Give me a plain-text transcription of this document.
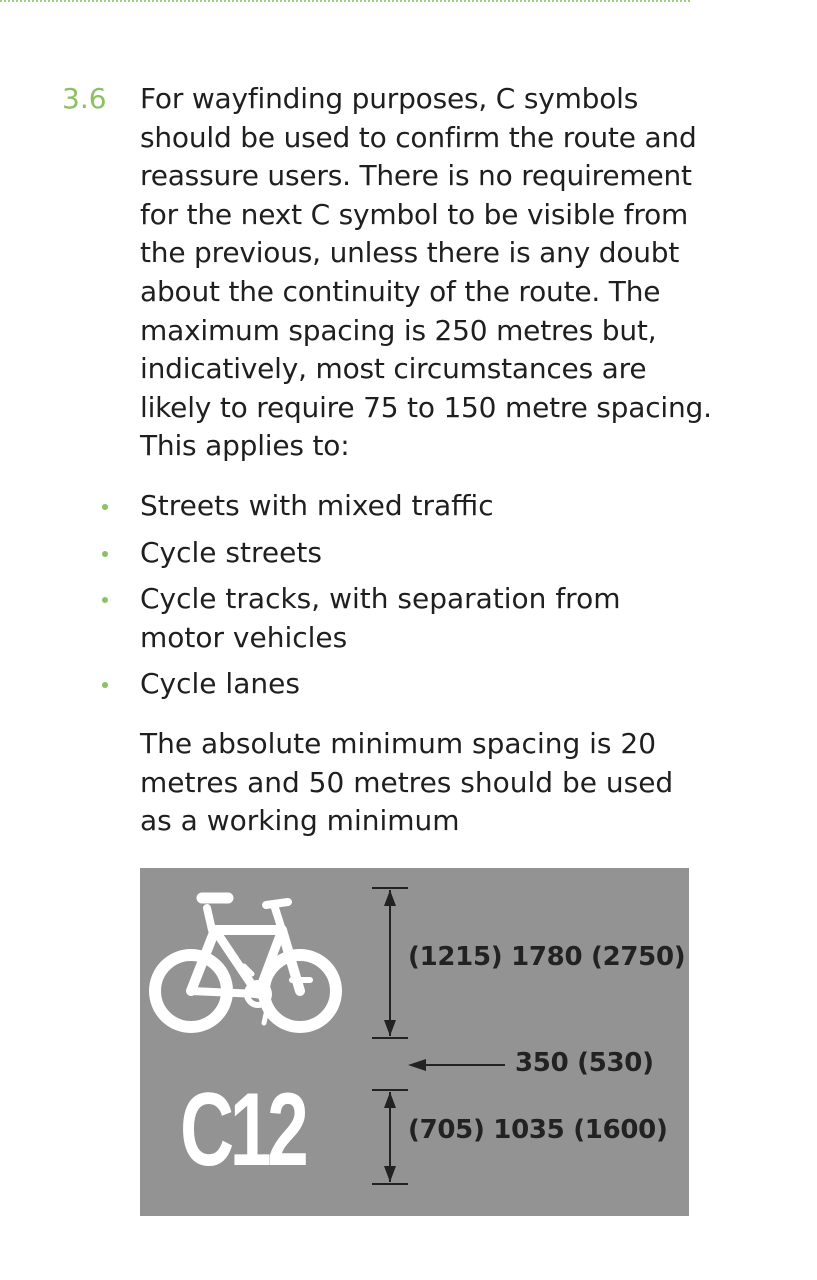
3.6 For wayfinding purposes, C symbols
should be used to confirm the route and
reassure users. There is no requirement
for the next C symbol to be visible from
the previous, unless there is any doubt
about the continuity of the route. The
maximum spacing is 250 metres but,
indicatively, most circumstances are
likely to require 75 to 150 metre spacing.
This applies to:

Streets with mixed traffic
Cycle streets
Cycle tracks, with separation from
motor vehicles
Cycle lanes

The absolute minimum spacing is 20
metres and 50 metres should be used
as a working minimum

(1215) 1780 (2750)
350 (530)
(705) 1035 (1600)
C12
